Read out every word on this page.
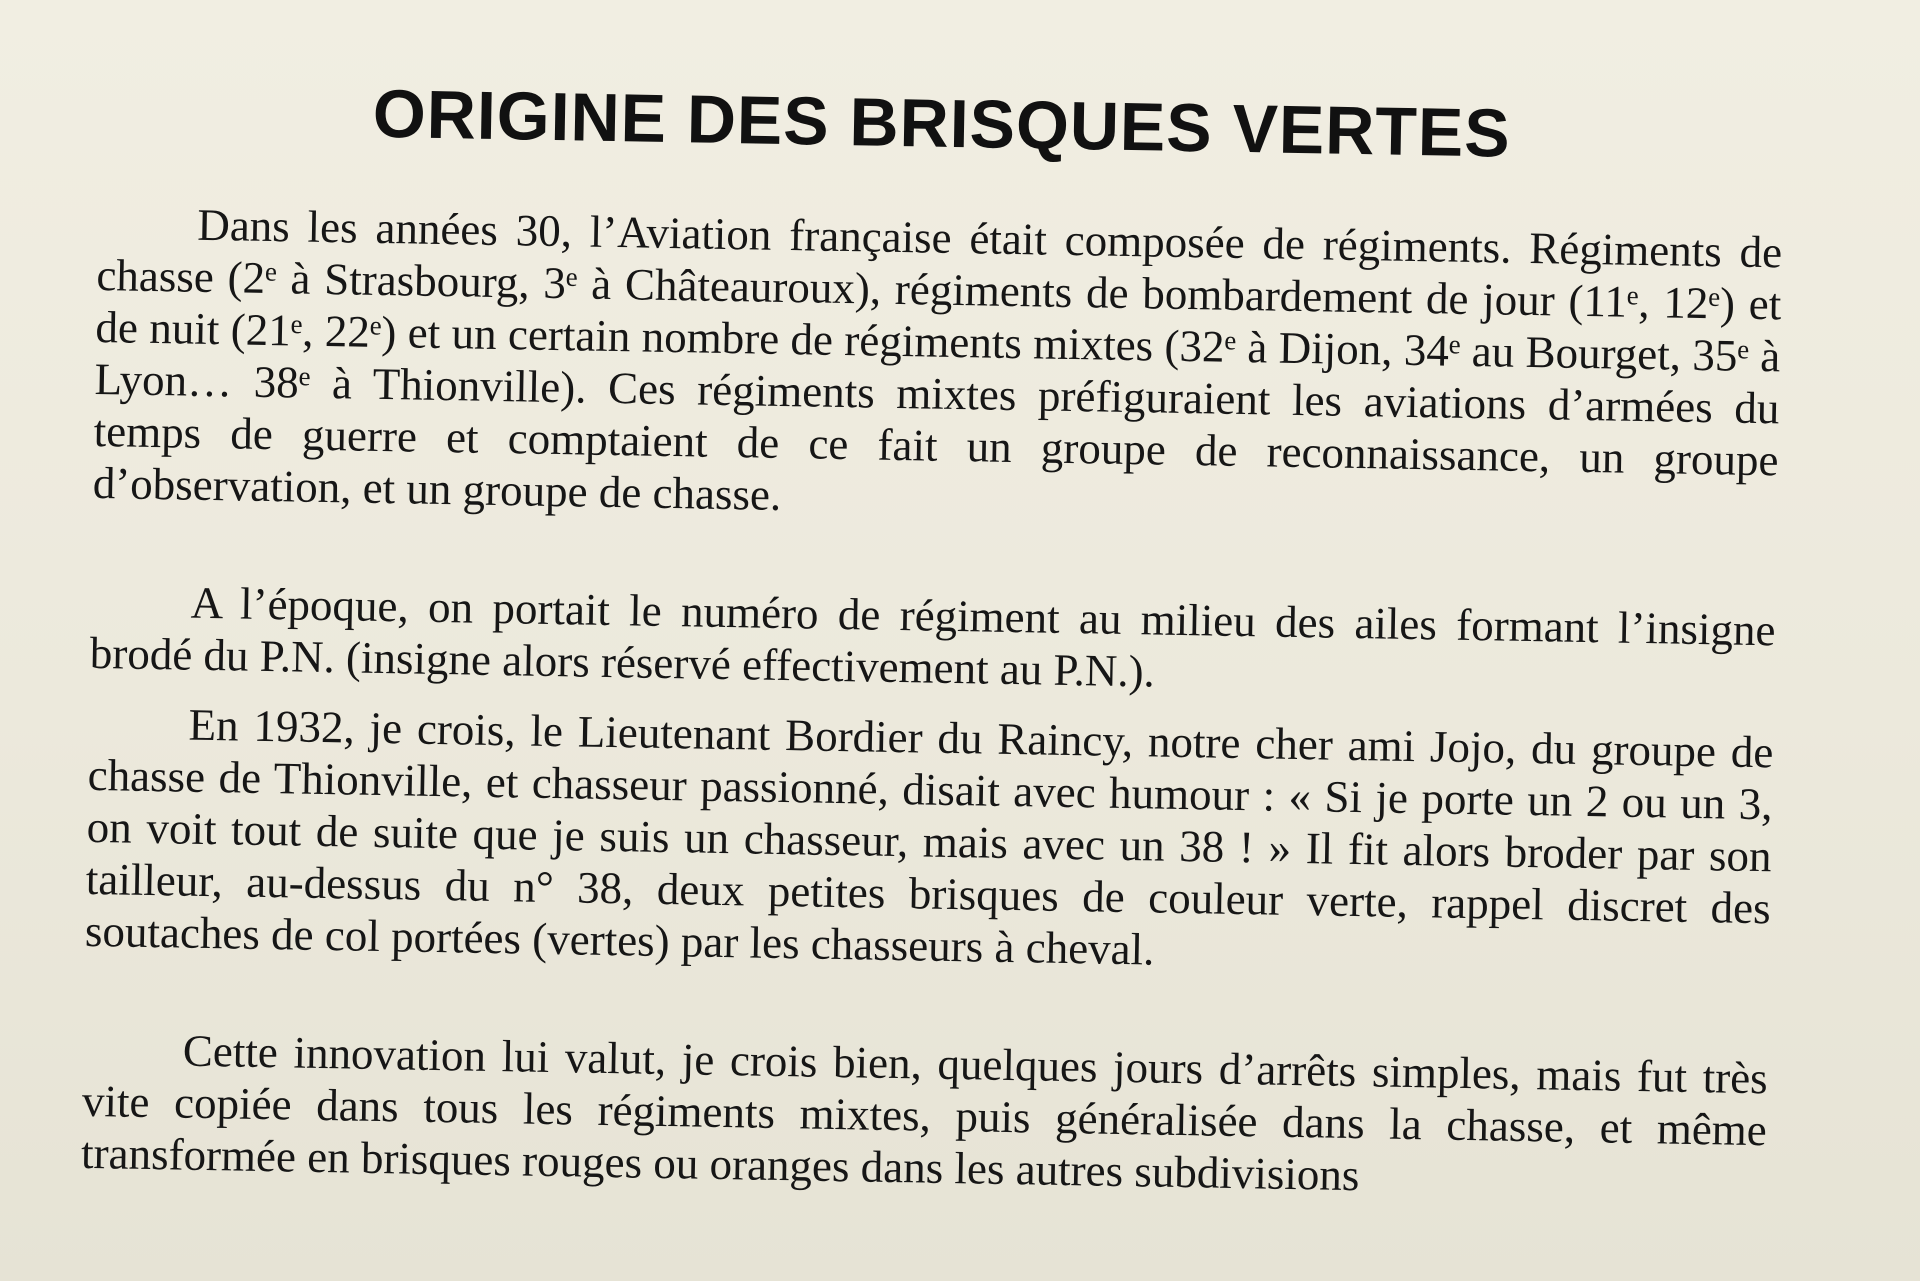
ORIGINE DES BRISQUES VERTES

Dans les années 30, l’Aviation française était composée de régiments. Régiments de chasse (2ᵉ à Strasbourg, 3ᵉ à Châteauroux), régiments de bombardement de jour (11ᵉ, 12ᵉ) et de nuit (21ᵉ, 22ᵉ) et un certain nombre de régiments mixtes (32ᵉ à Dijon, 34ᵉ au Bourget, 35ᵉ à Lyon… 38ᵉ à Thionville). Ces régiments mixtes préfiguraient les aviations d’armées du temps de guerre et comptaient de ce fait un groupe de reconnaissance, un groupe d’observation, et un groupe de chasse.

A l’époque, on portait le numéro de régiment au milieu des ailes formant l’insigne brodé du P.N. (insigne alors réservé effectivement au P.N.).

En 1932, je crois, le Lieutenant Bordier du Raincy, notre cher ami Jojo, du groupe de chasse de Thionville, et chasseur passionné, disait avec humour : « Si je porte un 2 ou un 3, on voit tout de suite que je suis un chasseur, mais avec un 38 ! » Il fit alors broder par son tailleur, au-dessus du n° 38, deux petites brisques de couleur verte, rappel discret des soutaches de col portées (vertes) par les chasseurs à cheval.

Cette innovation lui valut, je crois bien, quelques jours d’arrêts simples, mais fut très vite copiée dans tous les régiments mixtes, puis généralisée dans la chasse, et même transformée en brisques rouges ou oranges dans les autres subdivisions
